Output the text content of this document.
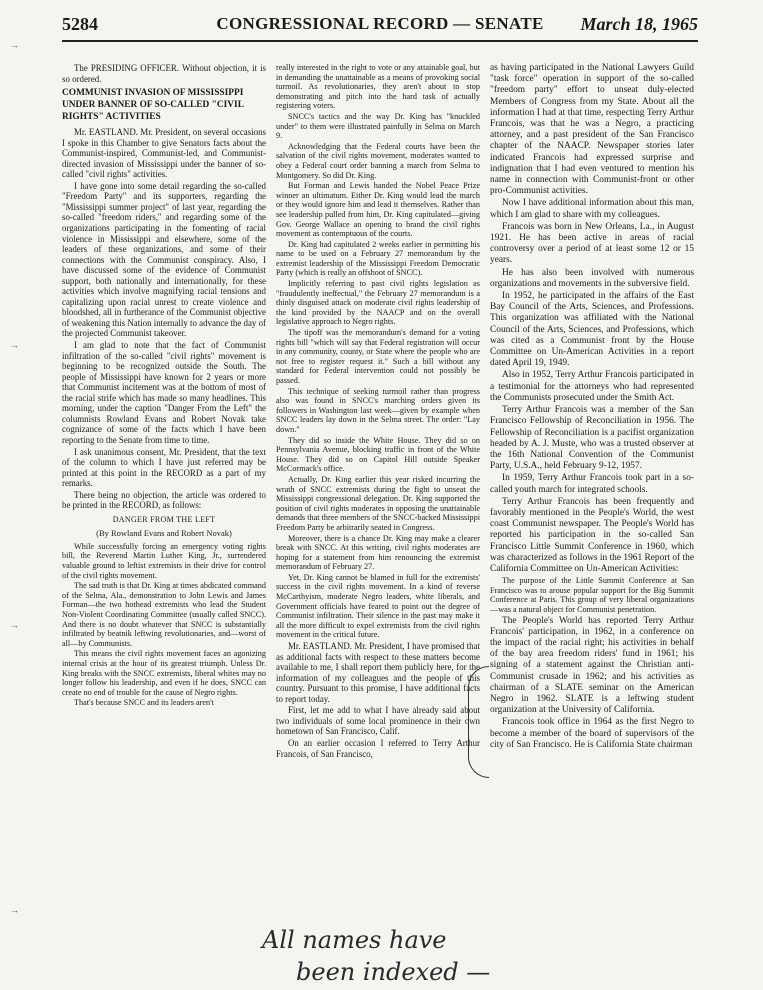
→
→
→
→
5284	CONGRESSIONAL RECORD — SENATE	March 18, 1965

The PRESIDING OFFICER. Without objection, it is so ordered.

COMMUNIST INVASION OF MISSISSIPPI UNDER BANNER OF SO-CALLED "CIVIL RIGHTS" ACTIVITIES

Mr. EASTLAND. Mr. President, on several occasions I spoke in this Chamber to give Senators facts about the Communist-inspired, Communist-led, and Communist-directed invasion of Mississippi under the banner of so-called "civil rights" activities.

I have gone into some detail regarding the so-called "Freedom Party" and its supporters, regarding the "Mississippi summer project" of last year, regarding the so-called "freedom riders," and regarding some of the organizations participating in the fomenting of racial violence in Mississippi and elsewhere, some of the leaders of these organizations, and some of their connections with the Communist conspiracy. Also, I have discussed some of the evidence of Communist support, both nationally and internationally, for these activities which involve magnifying racial tensions and capitalizing upon racial unrest to create violence and bloodshed, all in furtherance of the Communist objective of weakening this Nation internally to advance the day of the projected Communist takeover.

I am glad to note that the fact of Communist infiltration of the so-called "civil rights" movement is beginning to be recognized outside the South. The people of Mississippi have known for 2 years or more that Communist incitement was at the bottom of most of the racial strife which has made so many headlines. This morning, under the caption "Danger From the Left" the columnists Rowland Evans and Robert Novak take cognizance of some of the facts which I have been reporting to the Senate from time to time.

I ask unanimous consent, Mr. President, that the text of the column to which I have just referred may be printed at this point in the RECORD as a part of my remarks.

There being no objection, the article was ordered to be printed in the RECORD, as follows:

DANGER FROM THE LEFT

(By Rowland Evans and Robert Novak)

While successfully forcing an emergency voting rights bill, the Reverend Martin Luther King, Jr., surrendered valuable ground to leftist extremists in their drive for control of the civil rights movement.

The sad truth is that Dr. King at times abdicated command of the Selma, Ala., demonstration to John Lewis and James Forman—the two hothead extremists who lead the Student Non-Violent Coordinating Committee (usually called SNCC). And there is no doubt whatever that SNCC is substantially infiltrated by beatnik leftwing revolutionaries, and—worst of all—by Communists.

This means the civil rights movement faces an agonizing internal crisis at the hour of its greatest triumph. Unless Dr. King breaks with the SNCC extremists, liberal whites may no longer follow his leadership, and even if he does, SNCC can create no end of trouble for the cause of Negro rights.

That's because SNCC and its leaders aren't

really interested in the right to vote or any attainable goal, but in demanding the unattainable as a means of provoking social turmoil. As revolutionaries, they aren't about to stop demonstrating and pitch into the hard task of actually registering voters.

SNCC's tactics and the way Dr. King has "knuckled under" to them were illustrated painfully in Selma on March 9.

Acknowledging that the Federal courts have been the salvation of the civil rights movement, moderates wanted to obey a Federal court order banning a march from Selma to Montgomery. So did Dr. King.

But Forman and Lewis handed the Nobel Peace Prize winner an ultimatum. Either Dr. King would lead the march or they would ignore him and lead it themselves. Rather than see leadership pulled from him, Dr. King capitulated—giving Gov. George Wallace an opening to brand the civil rights movement as contemptuous of the courts.

Dr. King had capitulated 2 weeks earlier in permitting his name to be used on a February 27 memorandum by the extremist leadership of the Mississippi Freedom Democratic Party (which is really an offshoot of SNCC).

Implicitly referring to past civil rights legislation as "fraudulently ineffectual," the February 27 memorandum is a thinly disguised attack on moderate civil rights leadership of the kind provided by the NAACP and on the overall legislative approach to Negro rights.

The tipoff was the memorandum's demand for a voting rights bill "which will say that Federal registration will occur in any community, county, or State where the people who are not free to register request it." Such a bill without any standard for Federal intervention could not possibly be passed.

This technique of seeking turmoil rather than progress also was found in SNCC's marching orders given its followers in Washington last week—given by example when SNCC leaders lay down in the Selma street. The order: "Lay down."

They did so inside the White House. They did so on Pennsylvania Avenue, blocking traffic in front of the White House. They did so on Capitol Hill outside Speaker McCormack's office.

Actually, Dr. King earlier this year risked incurring the wrath of SNCC extremists during the fight to unseat the Mississippi congressional delegation. Dr. King supported the position of civil rights moderates in opposing the unattainable demands that three members of the SNCC-backed Mississippi Freedom Party be arbitrarily seated in Congress.

Moreover, there is a chance Dr. King may make a clearer break with SNCC. At this writing, civil rights moderates are hoping for a statement from him renouncing the extremist memorandum of February 27.

Yet, Dr. King cannot be blamed in full for the extremists' success in the civil rights movement. In a kind of reverse McCarthyism, moderate Negro leaders, white liberals, and Government officials have feared to point out the degree of Communist infiltration. Their silence in the past may make it all the more difficult to expel extremists from the civil rights movement in the critical future.

Mr. EASTLAND. Mr. President, I have promised that as additional facts with respect to these matters become available to me, I shall report them publicly here, for the information of my colleagues and the people of this country. Pursuant to this promise, I have additional facts to report today.

First, let me add to what I have already said about two individuals of some local prominence in their own hometown of San Francisco, Calif.

On an earlier occasion I referred to Terry Arthur Francois, of San Francisco,

as having participated in the National Lawyers Guild "task force" operation in support of the so-called "freedom party" effort to unseat duly-elected Members of Congress from my State. About all the information I had at that time, respecting Terry Arthur Francois, was that he was a Negro, a practicing attorney, and a past president of the San Francisco chapter of the NAACP. Newspaper stories later indicated Francois had expressed surprise and indignation that I had even ventured to mention his name in connection with Communist-front or other pro-Communist activities.

Now I have additional information about this man, which I am glad to share with my colleagues.

Francois was born in New Orleans, La., in August 1921. He has been active in areas of racial controversy over a period of at least some 12 or 15 years.

He has also been involved with numerous organizations and movements in the subversive field.

In 1952, he participated in the affairs of the East Bay Council of the Arts, Sciences, and Professions. This organization was affiliated with the National Council of the Arts, Sciences, and Professions, which was cited as a Communist front by the House Committee on Un-American Activities in a report dated April 19, 1949.

Also in 1952, Terry Arthur Francois participated in a testimonial for the attorneys who had represented the Communists prosecuted under the Smith Act.

Terry Arthur Francois was a member of the San Francisco Fellowship of Reconciliation in 1956. The Fellowship of Reconciliation is a pacifist organization headed by A. J. Muste, who was a trusted observer at the 16th National Convention of the Communist Party, U.S.A., held February 9-12, 1957.

In 1959, Terry Arthur Francois took part in a so-called youth march for integrated schools.

Terry Arthur Francois has been frequently and favorably mentioned in the People's World, the west coast Communist newspaper. The People's World has reported his participation in the so-called San Francisco Little Summit Conference in 1960, which was characterized as follows in the 1961 Report of the California Committee on Un-American Activities:

The purpose of the Little Summit Conference at San Francisco was to arouse popular support for the Big Summit Conference at Paris. This group of very liberal organizations—was a natural object for Communist penetration.

The People's World has reported Terry Arthur Francois' participation, in 1962, in a conference on the impact of the racial right; his activities in behalf of the bay area freedom riders' fund in 1961; his signing of a statement against the Christian anti-Communist crusade in 1962; and his activities as chairman of a SLATE seminar on the American Negro in 1962. SLATE is a leftwing student organization at the University of California.

Francois took office in 1964 as the first Negro to become a member of the board of supervisors of the city of San Francisco. He is California State chairman

All names have
been indexed —
